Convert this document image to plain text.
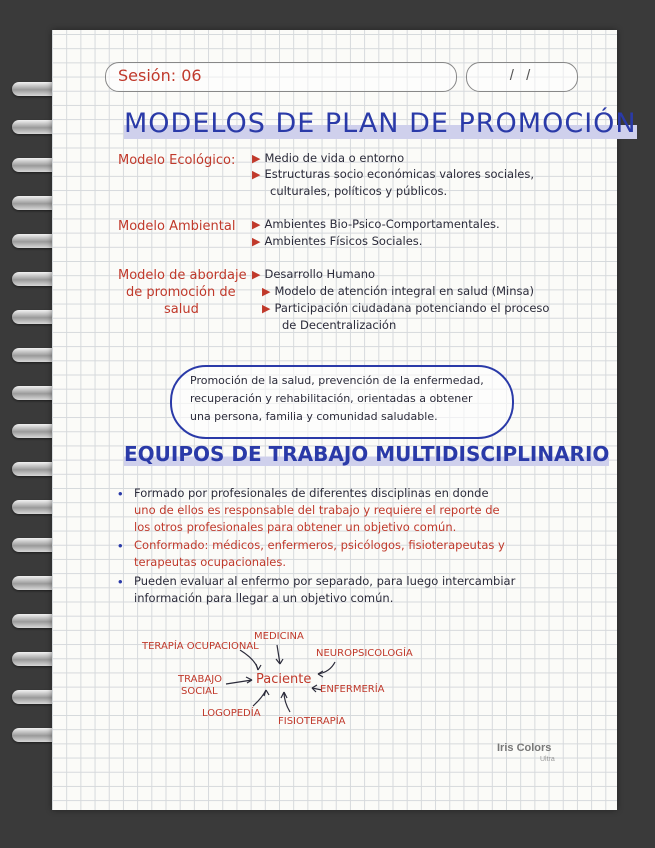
Sesión: 06	/ /
MODELOS DE PLAN DE PROMOCIÓN
Modelo Ecológico: ▶ Medio de vida o entorno
▶ Estructuras socio económicas valores sociales,
culturales, políticos y públicos.
Modelo Ambiental ▶ Ambientes Bio-Psico-Comportamentales.
▶ Ambientes Físicos Sociales.
Modelo de abordaje
de promoción de
salud
▶ Desarrollo Humano
▶ Modelo de atención integral en salud (Minsa)
▶ Participación ciudadana potenciando el proceso
de Decentralización
Promoción de la salud, prevención de la enfermedad,
recuperación y rehabilitación, orientadas a obtener
una persona, familia y comunidad saludable.
EQUIPOS DE TRABAJO MULTIDISCIPLINARIO
• Formado por profesionales de diferentes disciplinas en donde
uno de ellos es responsable del trabajo y requiere el reporte de
los otros profesionales para obtener un objetivo común.
• Conformado: médicos, enfermeros, psicólogos, fisioterapeutas y
terapeutas ocupacionales.
• Pueden evaluar al enfermo por separado, para luego intercambiar
información para llegar a un objetivo común.
MEDICINA
TERAPÍA OCUPACIONAL
NEUROPSICOLOGÍA
TRABAJO
SOCIAL
Paciente
ENFERMERÍA
LOGOPEDÍA
FISIOTERAPÍA
Iris Colors
Ultra
